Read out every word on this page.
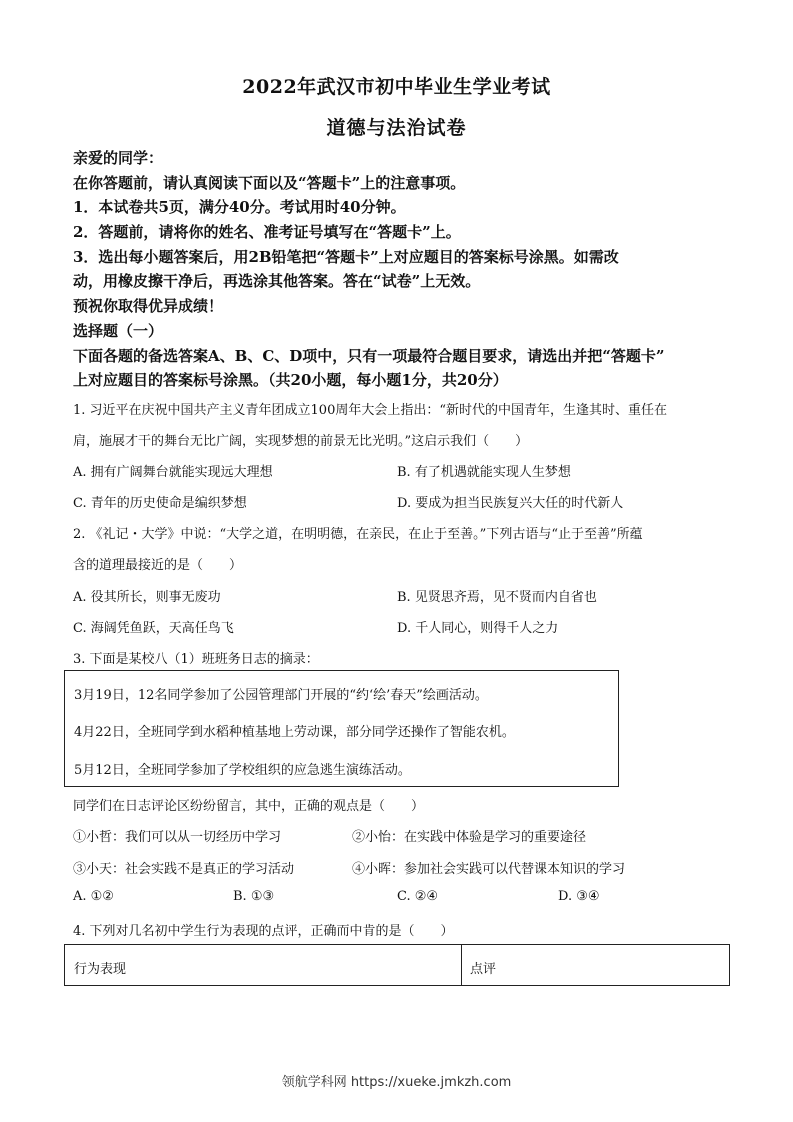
2022年武汉市初中毕业生学业考试
道德与法治试卷
亲爱的同学：
在你答题前，请认真阅读下面以及“答题卡”上的注意事项。
1．本试卷共5页，满分40分。考试用时40分钟。
2．答题前，请将你的姓名、准考证号填写在“答题卡”上。
3．选出每小题答案后，用2B铅笔把“答题卡”上对应题目的答案标号涂黑。如需改
动，用橡皮擦干净后，再选涂其他答案。答在“试卷”上无效。
预祝你取得优异成绩！
选择题（一）
下面各题的备选答案A、B、C、D项中，只有一项最符合题目要求，请选出并把“答题卡”
上对应题目的答案标号涂黑。（共20小题，每小题1分，共20分）
1. 习近平在庆祝中国共产主义青年团成立100周年大会上指出：“新时代的中国青年，生逢其时、重任在
肩，施展才干的舞台无比广阔，实现梦想的前景无比光明。”这启示我们（　　）
A. 拥有广阔舞台就能实现远大理想	B. 有了机遇就能实现人生梦想
C. 青年的历史使命是编织梦想	D. 要成为担当民族复兴大任的时代新人
2. 《礼记・大学》中说：“大学之道，在明明德，在亲民，在止于至善。”下列古语与“止于至善”所蕴
含的道理最接近的是（　　）
A. 役其所长，则事无废功	B. 见贤思齐焉，见不贤而内自省也
C. 海阔凭鱼跃，天高任鸟飞	D. 千人同心，则得千人之力
3. 下面是某校八（1）班班务日志的摘录：
3月19日，12名同学参加了公园管理部门开展的“约‘绘’春天”绘画活动。
4月22日，全班同学到水稻种植基地上劳动课，部分同学还操作了智能农机。
5月12日，全班同学参加了学校组织的应急逃生演练活动。
同学们在日志评论区纷纷留言，其中，正确的观点是（　　）
①小哲：我们可以从一切经历中学习	②小怡：在实践中体验是学习的重要途径
③小天：社会实践不是真正的学习活动	④小晖：参加社会实践可以代替课本知识的学习
A. ①②	B. ①③	C. ②④	D. ③④
4. 下列对几名初中学生行为表现的点评，正确而中肯的是（　　）
行为表现	点评
领航学科网 https://xueke.jmkzh.com
